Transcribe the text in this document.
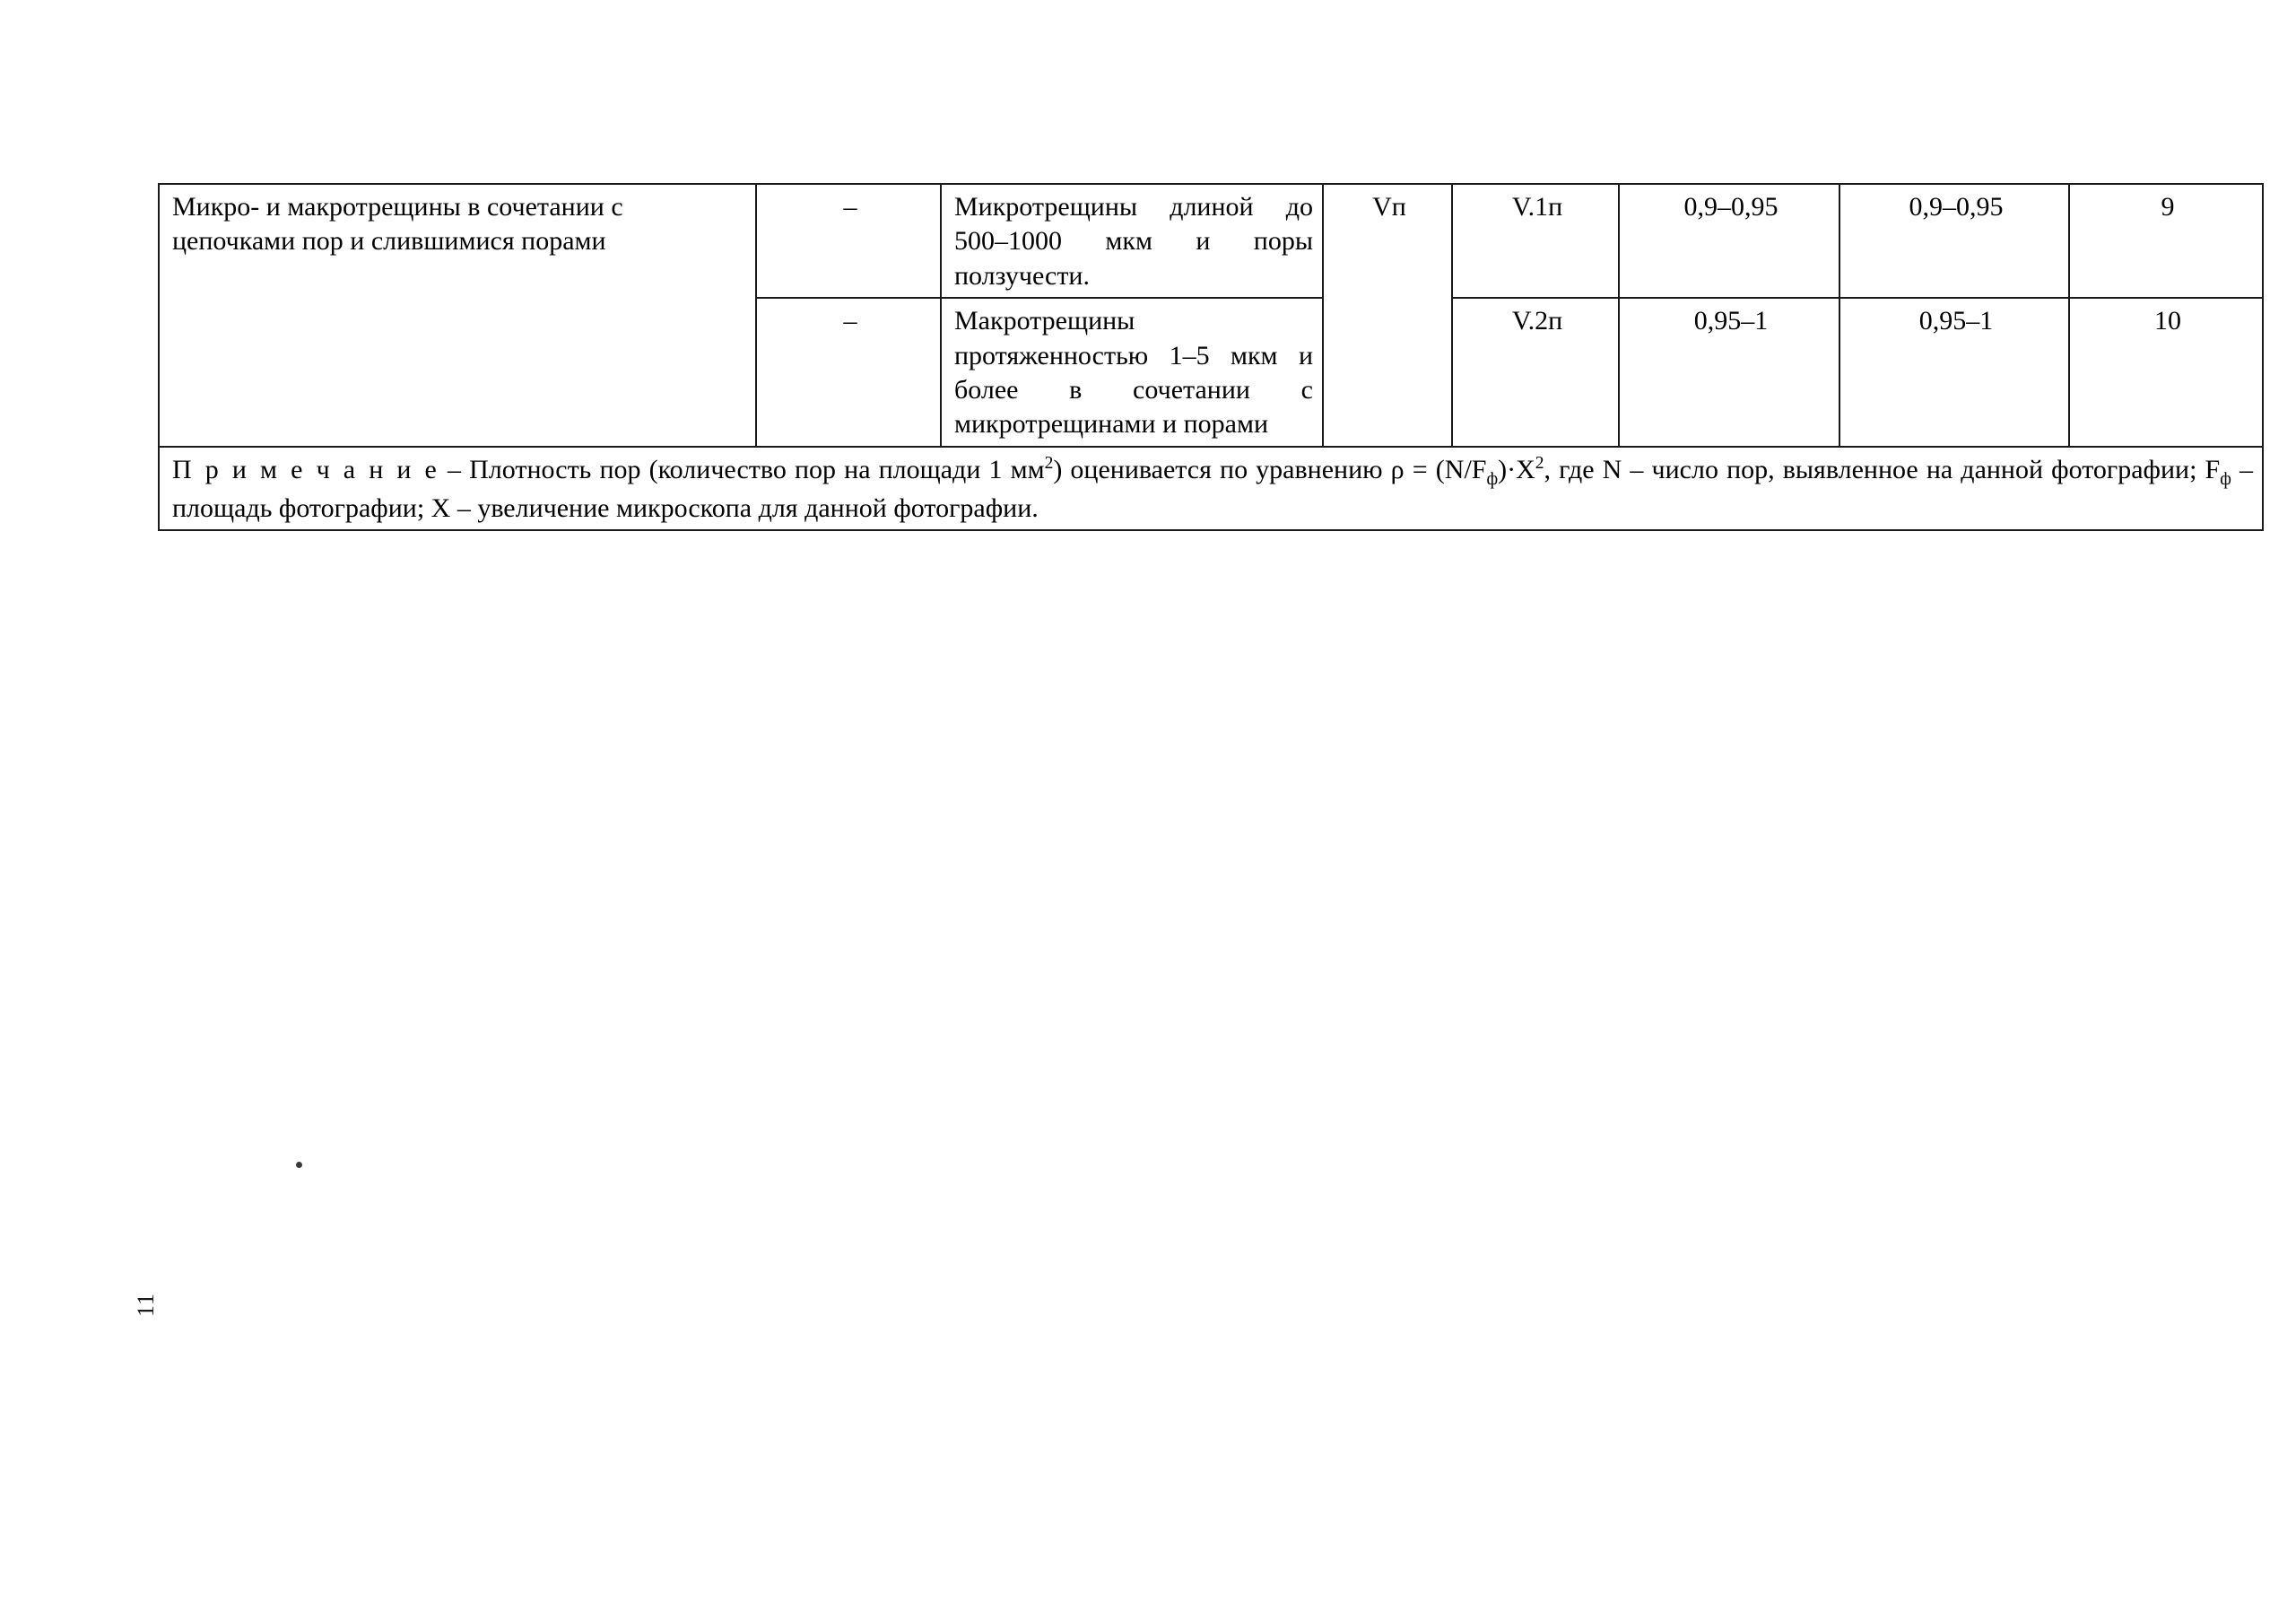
Микро- и макротрещины в сочетании с цепочками пор и слившимися порами	–	Микротрещины длиной до 500–1000 мкм и поры ползучести.	Vп	V.1п	0,9–0,95	0,9–0,95	9
	–	Макротрещины протяженностью 1–5 мкм и более в сочетании с микротрещинами и порами		V.2п	0,95–1	0,95–1	10
П р и м е ч а н и е – Плотность пор (количество пор на площади 1 $мм^2$) оценивается по уравнению $\rho = (N/F_ф)\cdot X^2$, где N – число пор, выявленное на данной фотографии; $F_ф$ – площадь фотографии; X – увеличение микроскопа для данной фотографии.							
11
